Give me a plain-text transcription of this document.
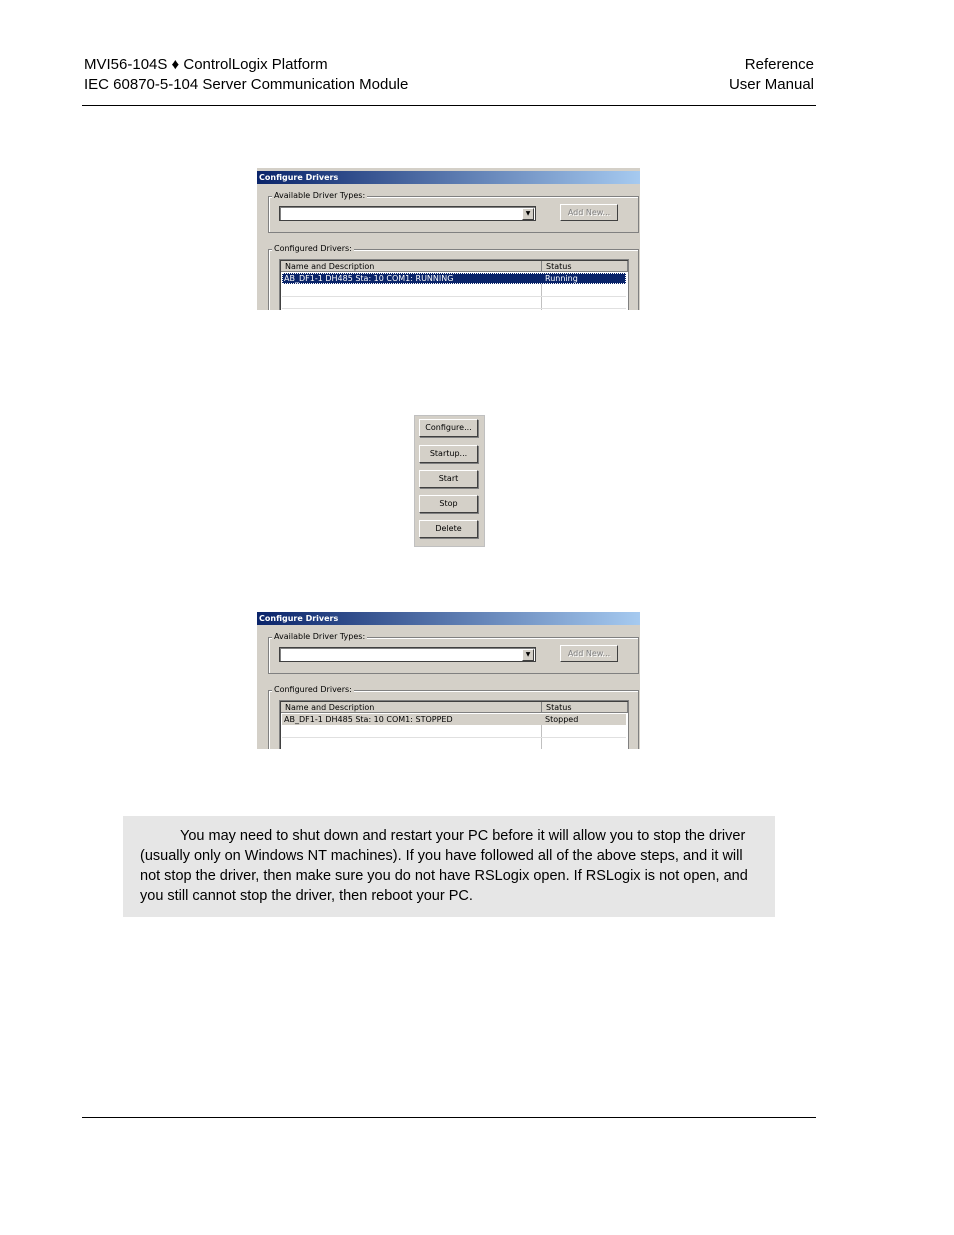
MVI56-104S ♦ ControlLogix Platform
IEC 60870-5-104 Server Communication Module
Reference
User Manual
Configure Drivers
Available Driver Types:
▼	Add New...
Configured Drivers:
Name and Description	Status
AB_DF1-1 DH485 Sta: 10 COM1: RUNNING	Running
Configure...
Startup...
Start
Stop
Delete
Configure Drivers
Available Driver Types:
▼	Add New...
Configured Drivers:
Name and Description	Status
AB_DF1-1 DH485 Sta: 10 COM1: STOPPED	Stopped

You may need to shut down and restart your PC before it will allow you to stop the driver (usually only on Windows NT machines). If you have followed all of the above steps, and it will not stop the driver, then make sure you do not have RSLogix open. If RSLogix is not open, and you still cannot stop the driver, then reboot your PC.
